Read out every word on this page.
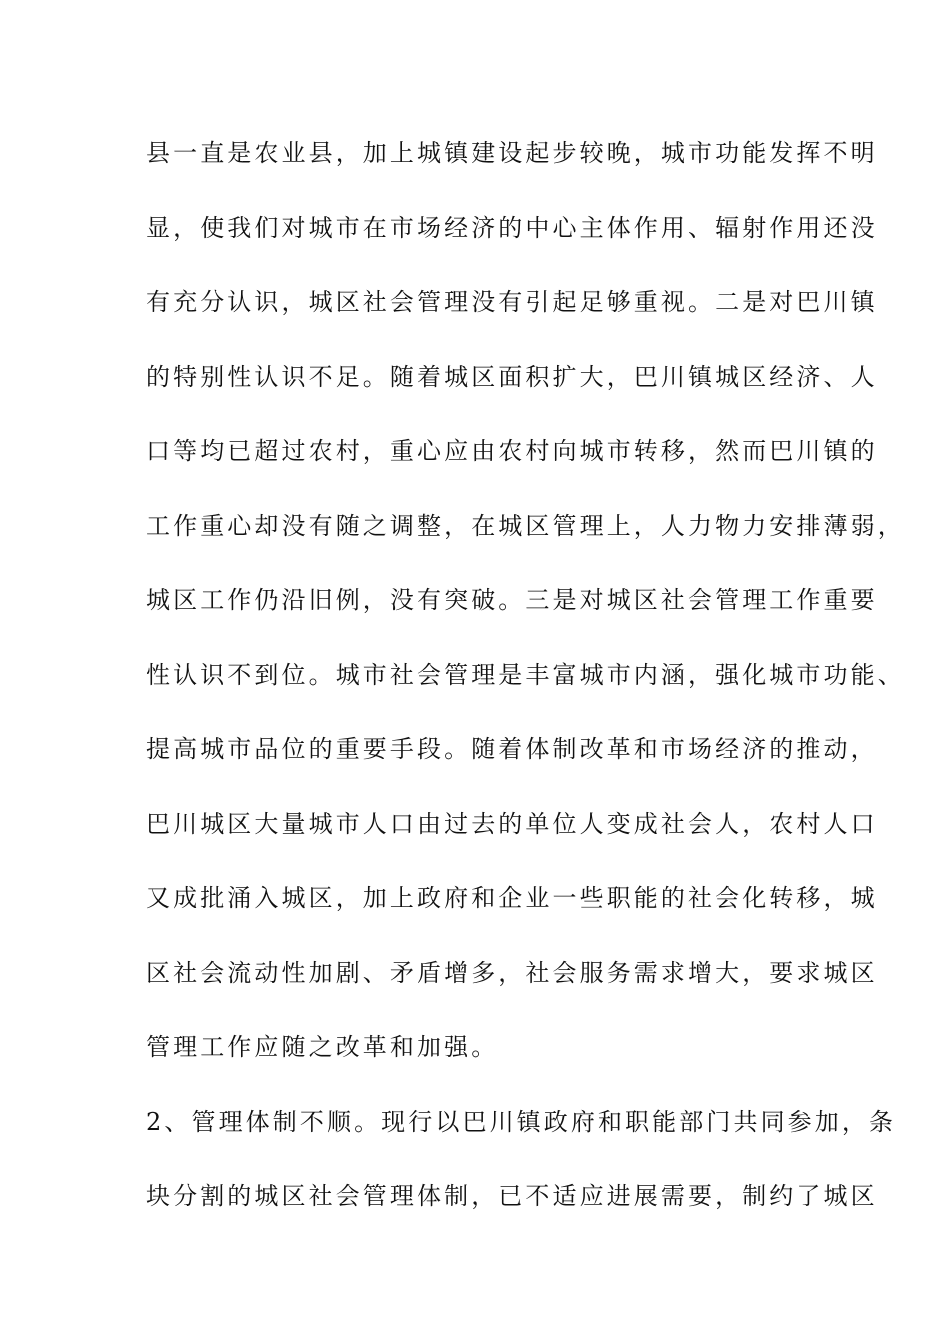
县一直是农业县，加上城镇建设起步较晚，城市功能发挥不明
显，使我们对城市在市场经济的中心主体作用、辐射作用还没
有充分认识，城区社会管理没有引起足够重视。二是对巴川镇
的特别性认识不足。随着城区面积扩大，巴川镇城区经济、人
口等均已超过农村，重心应由农村向城市转移，然而巴川镇的
工作重心却没有随之调整，在城区管理上，人力物力安排薄弱，
城区工作仍沿旧例，没有突破。三是对城区社会管理工作重要
性认识不到位。城市社会管理是丰富城市内涵，强化城市功能、
提高城市品位的重要手段。随着体制改革和市场经济的推动，
巴川城区大量城市人口由过去的单位人变成社会人，农村人口
又成批涌入城区，加上政府和企业一些职能的社会化转移，城
区社会流动性加剧、矛盾增多，社会服务需求增大，要求城区
管理工作应随之改革和加强。
2、管理体制不顺。现行以巴川镇政府和职能部门共同参加，条
块分割的城区社会管理体制，已不适应进展需要，制约了城区
